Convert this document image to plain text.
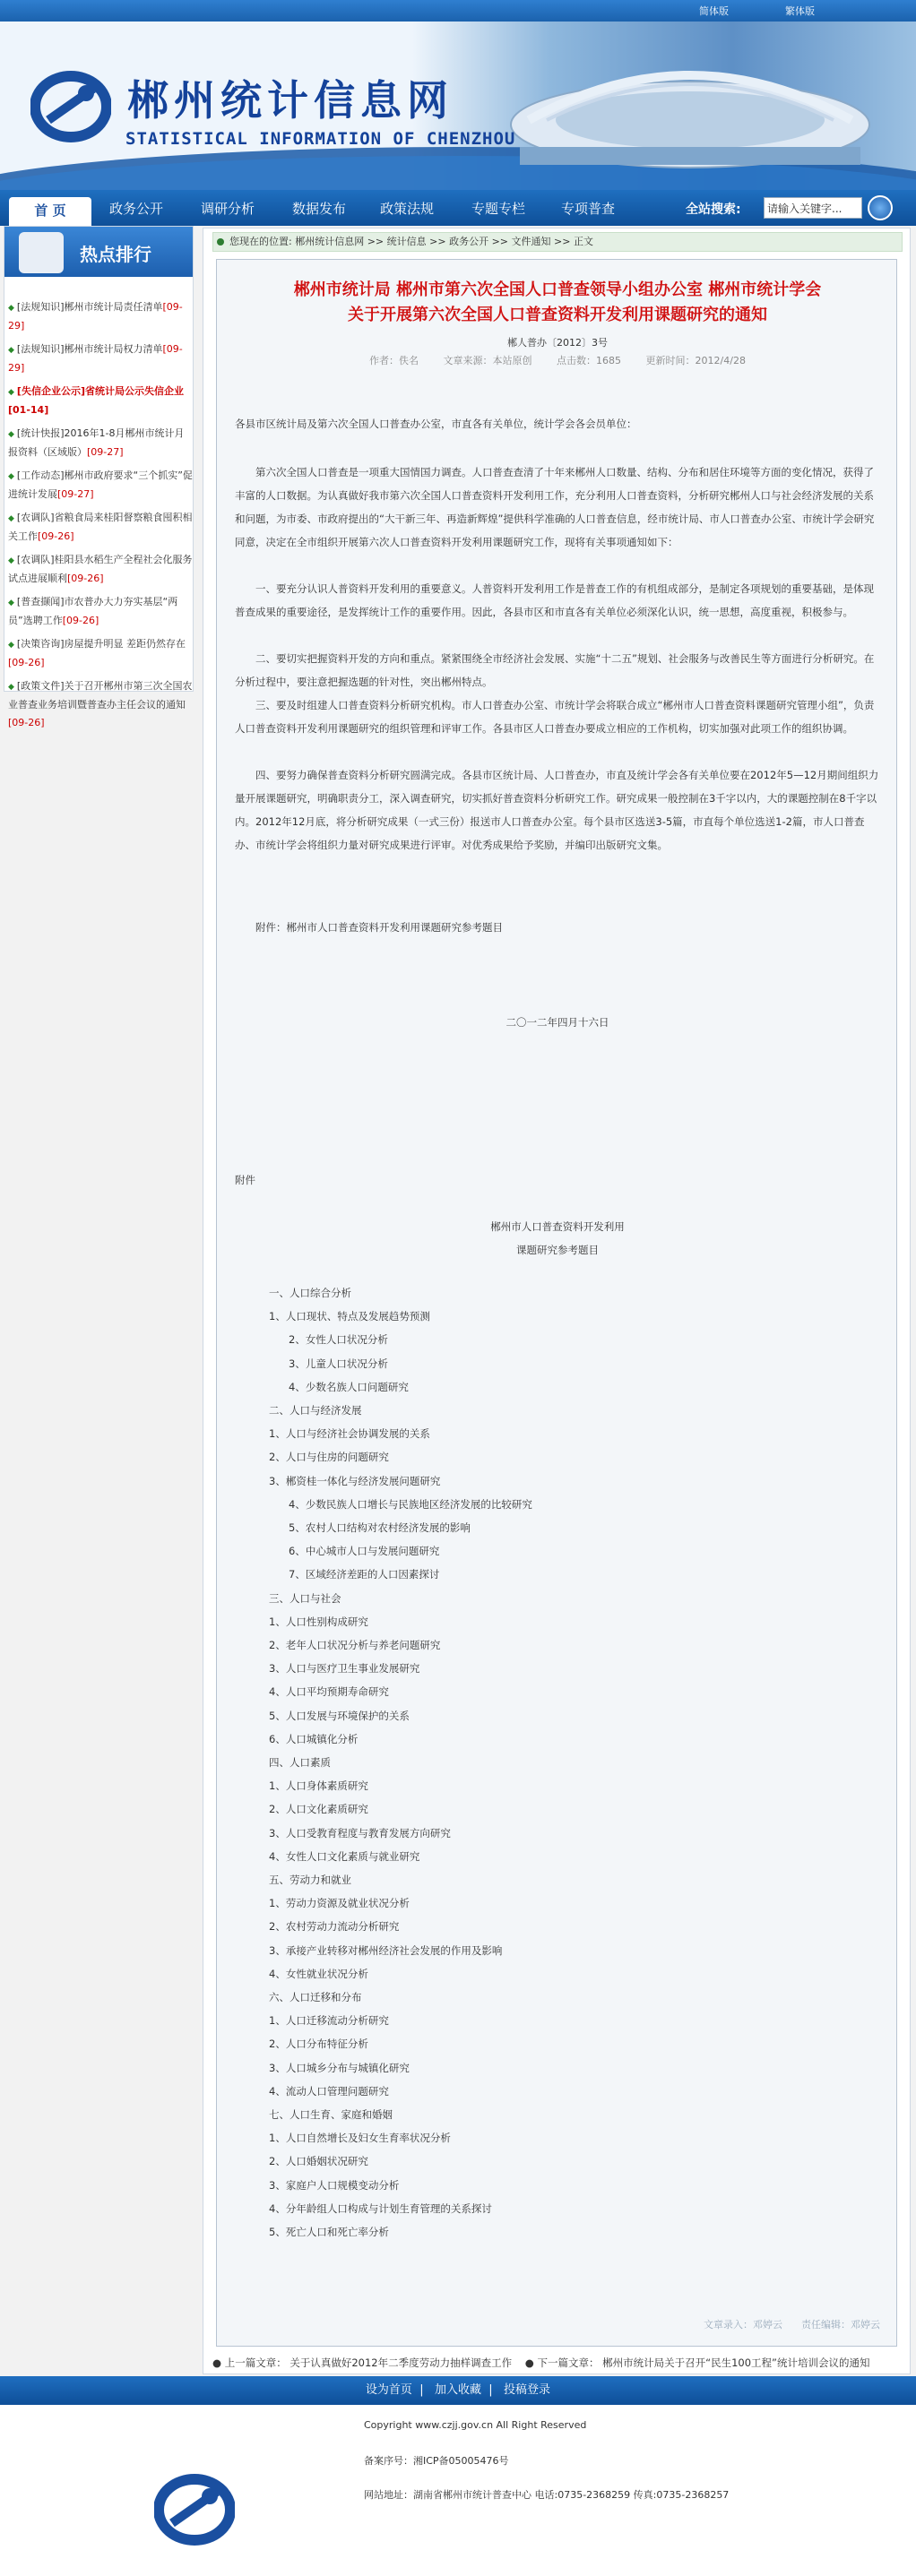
简体版	繁体版
郴州统计信息网
STATISTICAL INFORMATION OF CHENZHOU
首 页	政务公开	调研分析	数据发布	政策法规	专题专栏	专项普查	全站搜索:
请输入关键字...
热点排行
◆ [法规知识]郴州市统计局责任清单[09-29]
◆ [法规知识]郴州市统计局权力清单[09-29]
◆ [失信企业公示]省统计局公示失信企业[01-14]
◆ [统计快报]2016年1-8月郴州市统计月报资料（区域版）[09-27]
◆ [工作动态]郴州市政府要求“三个抓实”促进统计发展[09-27]
◆ [农调队]省粮食局来桂阳督察粮食囤积相关工作[09-26]
◆ [农调队]桂阳县水稻生产全程社会化服务试点进展顺利[09-26]
◆ [普查撷闻]市农普办大力夯实基层“两员”选聘工作[09-26]
◆ [决策咨询]房屋提升明显 差距仍然存在[09-26]
◆ [政策文件]关于召开郴州市第三次全国农业普查业务培训暨普查办主任会议的通知[09-26]
您现在的位置: 郴州统计信息网 >> 统计信息 >> 政务公开 >> 文件通知 >> 正文
郴州市统计局 郴州市第六次全国人口普查领导小组办公室 郴州市统计学会
关于开展第六次全国人口普查资料开发利用课题研究的通知
郴人普办〔2012〕3号
作者：佚名	文章来源：本站原创	点击数：1685	更新时间：2012/4/28
各县市区统计局及第六次全国人口普查办公室，市直各有关单位，统计学会各会员单位：
第六次全国人口普查是一项重大国情国力调查。人口普查查清了十年来郴州人口数量、结构、分布和居住环境等方面的变化情况，获得了丰富的人口数据。为认真做好我市第六次全国人口普查资料开发利用工作，充分利用人口普查资料，分析研究郴州人口与社会经济发展的关系和问题，为市委、市政府提出的“大干新三年、再造新辉煌”提供科学准确的人口普查信息，经市统计局、市人口普查办公室、市统计学会研究同意，决定在全市组织开展第六次人口普查资料开发利用课题研究工作，现将有关事项通知如下：
一、要充分认识人普资料开发利用的重要意义。人普资料开发利用工作是普查工作的有机组成部分，是制定各项规划的重要基础，是体现普查成果的重要途径，是发挥统计工作的重要作用。因此，各县市区和市直各有关单位必须深化认识，统一思想，高度重视，积极参与。
二、要切实把握资料开发的方向和重点。紧紧围绕全市经济社会发展、实施“十二五”规划、社会服务与改善民生等方面进行分析研究。在分析过程中，要注意把握选题的针对性，突出郴州特点。
三、要及时组建人口普查资料分析研究机构。市人口普查办公室、市统计学会将联合成立“郴州市人口普查资料课题研究管理小组”，负责人口普查资料开发利用课题研究的组织管理和评审工作。各县市区人口普查办要成立相应的工作机构，切实加强对此项工作的组织协调。
四、要努力确保普查资料分析研究圆满完成。各县市区统计局、人口普查办，市直及统计学会各有关单位要在2012年5—12月期间组织力量开展课题研究，明确职责分工，深入调查研究，切实抓好普查资料分析研究工作。研究成果一般控制在3千字以内，大的课题控制在8千字以内。2012年12月底，将分析研究成果（一式三份）报送市人口普查办公室。每个县市区选送3-5篇，市直每个单位选送1-2篇，市人口普查办、市统计学会将组织力量对研究成果进行评审。对优秀成果给予奖励，并编印出版研究文集。
附件：郴州市人口普查资料开发利用课题研究参考题目
二〇一二年四月十六日
附件
郴州市人口普查资料开发利用
课题研究参考题目
一、人口综合分析
1、人口现状、特点及发展趋势预测
2、女性人口状况分析
3、儿童人口状况分析
4、少数名族人口问题研究
二、人口与经济发展
1、人口与经济社会协调发展的关系
2、人口与住房的问题研究
3、郴资桂一体化与经济发展问题研究
4、少数民族人口增长与民族地区经济发展的比较研究
5、农村人口结构对农村经济发展的影响
6、中心城市人口与发展问题研究
7、区域经济差距的人口因素探讨
三、人口与社会
1、人口性别构成研究
2、老年人口状况分析与养老问题研究
3、人口与医疗卫生事业发展研究
4、人口平均预期寿命研究
5、人口发展与环境保护的关系
6、人口城镇化分析
四、人口素质
1、人口身体素质研究
2、人口文化素质研究
3、人口受教育程度与教育发展方向研究
4、女性人口文化素质与就业研究
五、劳动力和就业
1、劳动力资源及就业状况分析
2、农村劳动力流动分析研究
3、承接产业转移对郴州经济社会发展的作用及影响
4、女性就业状况分析
六、人口迁移和分布
1、人口迁移流动分析研究
2、人口分布特征分析
3、人口城乡分布与城镇化研究
4、流动人口管理问题研究
七、人口生育、家庭和婚姻
1、人口自然增长及妇女生育率状况分析
2、人口婚姻状况研究
3、家庭户人口规模变动分析
4、分年龄组人口构成与计划生育管理的关系探讨
5、死亡人口和死亡率分析
文章录入：邓婷云 责任编辑：邓婷云
● 上一篇文章： 关于认真做好2012年二季度劳动力抽样调查工作 ● 下一篇文章： 郴州市统计局关于召开“民生100工程”统计培训会议的通知
设为首页  |   加入收藏  |   投稿登录
Copyright www.czjj.gov.cn All Right Reserved
备案序号：湘ICP备05005476号
网站地址：湖南省郴州市统计普查中心 电话:0735-2368259 传真:0735-2368257
